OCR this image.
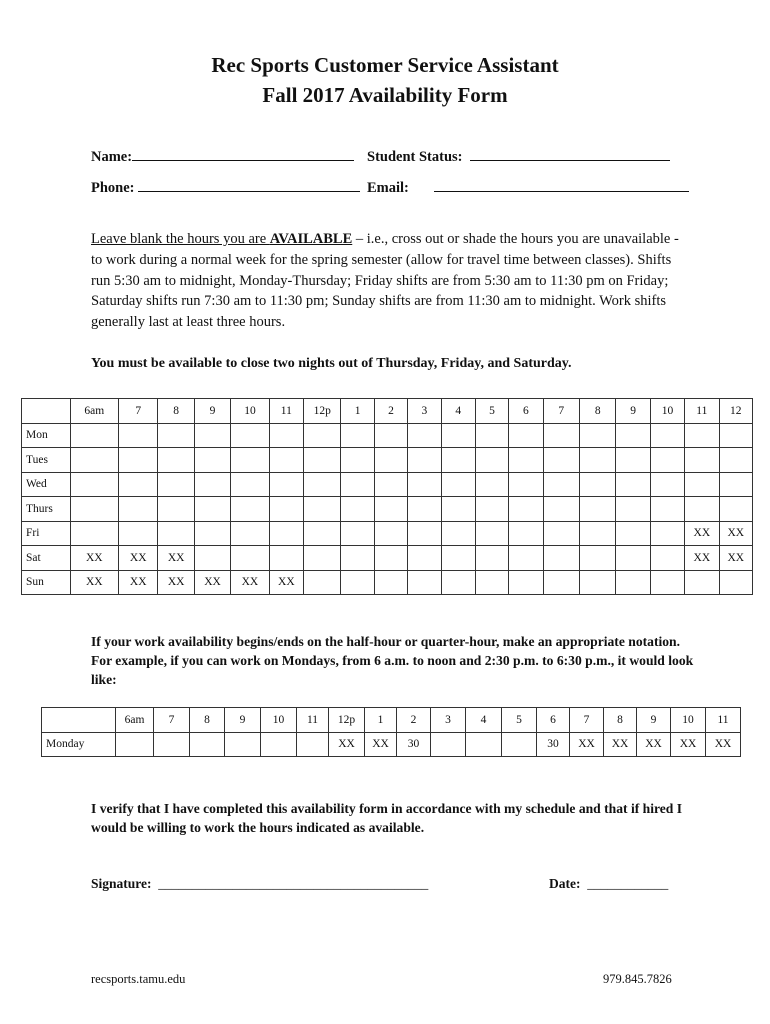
Rec Sports Customer Service Assistant
Fall 2017 Availability Form
Name:	Student Status:
Phone:	Email:
Leave blank the hours you are AVAILABLE – i.e., cross out or shade the hours you are unavailable - to work during a normal week for the spring semester (allow for travel time between classes). Shifts run 5:30 am to midnight, Monday-Thursday; Friday shifts are from 5:30 am to 11:30 pm on Friday; Saturday shifts run 7:30 am to 11:30 pm; Sunday shifts are from 11:30 am to midnight. Work shifts generally last at least three hours.
You must be available to close two nights out of Thursday, Friday, and Saturday.
	6am	7	8	9	10	11	12p	1	2	3	4	5	6	7	8	9	10	11	12
Mon																			
Tues																			
Wed																			
Thurs																			
Fri																		XX	XX
Sat	XX	XX	XX															XX	XX
Sun	XX	XX	XX	XX	XX	XX													
If your work availability begins/ends on the half-hour or quarter-hour, make an appropriate notation. For example, if you can work on Mondays, from 6 a.m. to noon and 2:30 p.m. to 6:30 p.m., it would look like:
	6am	7	8	9	10	11	12p	1	2	3	4	5	6	7	8	9	10	11
Monday							XX	XX	30				30	XX	XX	XX	XX	XX
I verify that I have completed this availability form in accordance with my schedule and that if hired I would be willing to work the hours indicated as available.
Signature: ________________________________________	Date: ____________
recsports.tamu.edu	979.845.7826
